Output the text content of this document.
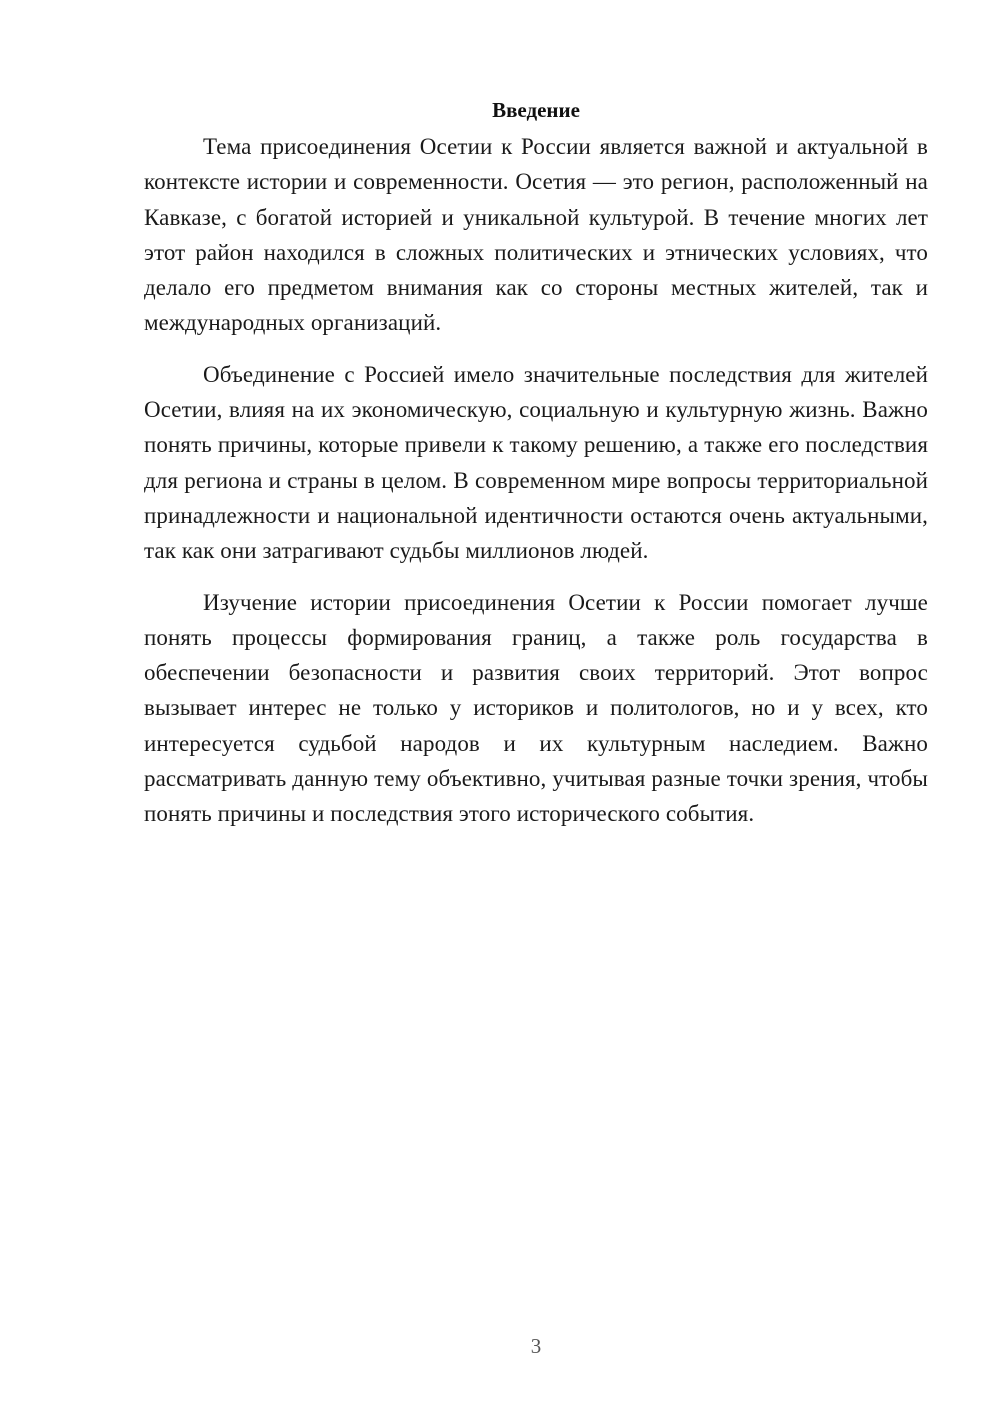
Введение

Тема присоединения Осетии к России является важной и актуальной в контексте истории и современности. Осетия — это регион, расположенный на Кавказе, с богатой историей и уникальной культурой. В течение многих лет этот район находился в сложных политических и этнических условиях, что делало его предметом внимания как со стороны местных жителей, так и международных организаций.

Объединение с Россией имело значительные последствия для жителей Осетии, влияя на их экономическую, социальную и культурную жизнь. Важно понять причины, которые привели к такому решению, а также его последствия для региона и страны в целом. В современном мире вопросы территориальной принадлежности и национальной идентичности остаются очень актуальными, так как они затрагивают судьбы миллионов людей.

Изучение истории присоединения Осетии к России помогает лучше понять процессы формирования границ, а также роль государства в обеспечении безопасности и развития своих территорий. Этот вопрос вызывает интерес не только у историков и политологов, но и у всех, кто интересуется судьбой народов и их культурным наследием. Важно рассматривать данную тему объективно, учитывая разные точки зрения, чтобы понять причины и последствия этого исторического события.

3
